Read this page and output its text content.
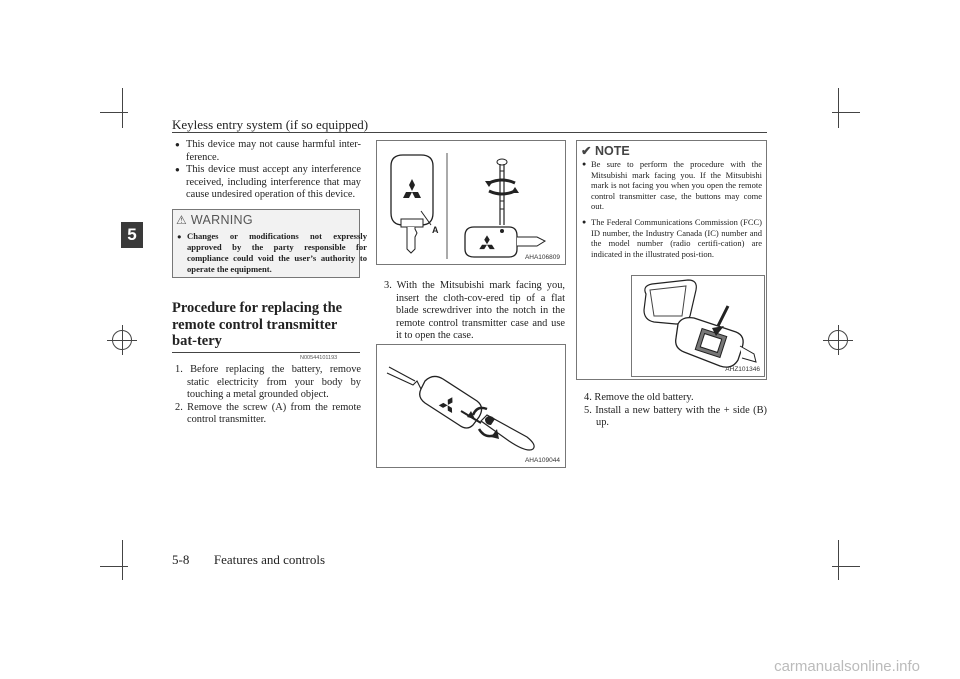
Keyless entry system (if so equipped)
5
● This device may not cause harmful inter-ference.
● This device must accept any interference received, including interference that may cause undesired operation of this device.
⚠ WARNING
● Changes or modifications not expressly approved by the party responsible for compliance could void the user’s authority to operate the equipment.
Procedure for replacing the remote control transmitter bat-tery
N00544101193
1. Before replacing the battery, remove static electricity from your body by touching a metal grounded object.
2. Remove the screw (A) from the remote control transmitter.
A
AHA106809
3. With the Mitsubishi mark facing you, insert the cloth-cov-ered tip of a flat blade screwdriver into the notch in the remote control transmitter case and use it to open the case.
AHA109044
✔ NOTE
● Be sure to perform the procedure with the Mitsubishi mark facing you. If the Mitsubishi mark is not facing you when you open the remote control transmitter case, the buttons may come out.
● The Federal Communications Commission (FCC) ID number, the Industry Canada (IC) number and the model number (radio certifi-cation) are indicated in the illustrated posi-tion.
AHZ101346
4. Remove the old battery.
5. Install a new battery with the + side (B) up.
5-8 Features and controls
carmanualsonline.info
